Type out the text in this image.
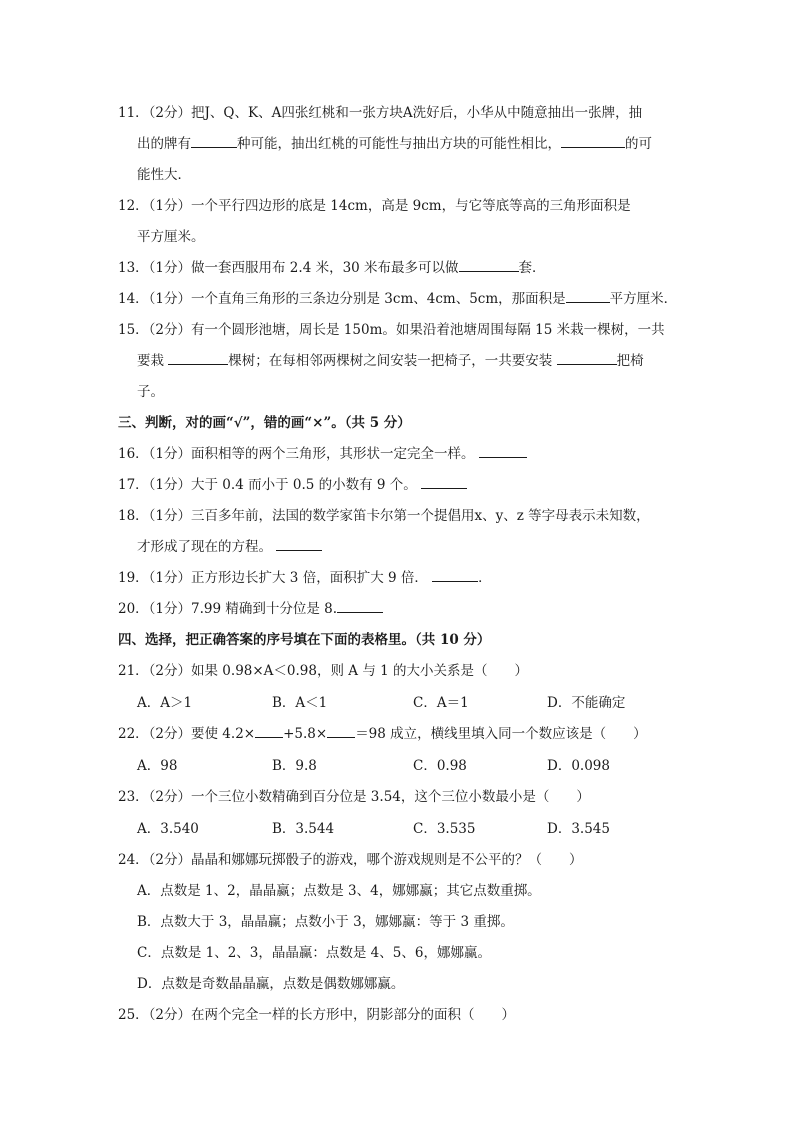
11．（2分）把J、Q、K、A四张红桃和一张方块A洗好后，小华从中随意抽出一张牌，抽
出的牌有	种可能，抽出红桃的可能性与抽出方块的可能性相比，	的可
能性大．
12．（1分）一个平行四边形的底是 14cm，高是 9cm，与它等底等高的三角形面积是
平方厘米。
13．（1分）做一套西服用布 2.4 米，30 米布最多可以做	套．
14．（1分）一个直角三角形的三条边分别是 3cm、4cm、5cm，那面积是	平方厘米．
15．（2分）有一个圆形池塘，周长是 150m。如果沿着池塘周围每隔 15 米栽一棵树，一共
要栽	棵树；在每相邻两棵树之间安装一把椅子，一共要安装	把椅
子。
三、判断，对的画“√”，错的画“×”。（共 5 分）
16．（1分）面积相等的两个三角形，其形状一定完全一样。
17．（1分）大于 0.4 而小于 0.5 的小数有 9 个。
18．（1分）三百多年前，法国的数学家笛卡尔第一个提倡用x、y、z 等字母表示未知数，
才形成了现在的方程。
19．（1分）正方形边长扩大 3 倍，面积扩大 9 倍．	．
20．（1分）7.99 精确到十分位是 8.
四、选择，把正确答案的序号填在下面的表格里。（共 10 分）
21．（2分）如果 0.98×A＜0.98，则 A 与 1 的大小关系是（　　）
A．A＞1	B．A＜1	C．A＝1	D．不能确定
22．（2分）要使 4.2× +5.8× ＝98 成立，横线里填入同一个数应该是（　　）
A．98	B．9.8	C．0.98	D．0.098
23．（2分）一个三位小数精确到百分位是 3.54，这个三位小数最小是（　　）
A．3.540	B．3.544	C．3.535	D．3.545
24．（2分）晶晶和娜娜玩掷骰子的游戏，哪个游戏规则是不公平的？（　　）
A．点数是 1、2，晶晶赢；点数是 3、4，娜娜赢；其它点数重掷。
B．点数大于 3，晶晶赢；点数小于 3，娜娜赢：等于 3 重掷。
C．点数是 1、2、3，晶晶赢：点数是 4、5、6，娜娜赢。
D．点数是奇数晶晶赢，点数是偶数娜娜赢。
25．（2分）在两个完全一样的长方形中，阴影部分的面积（　　）
